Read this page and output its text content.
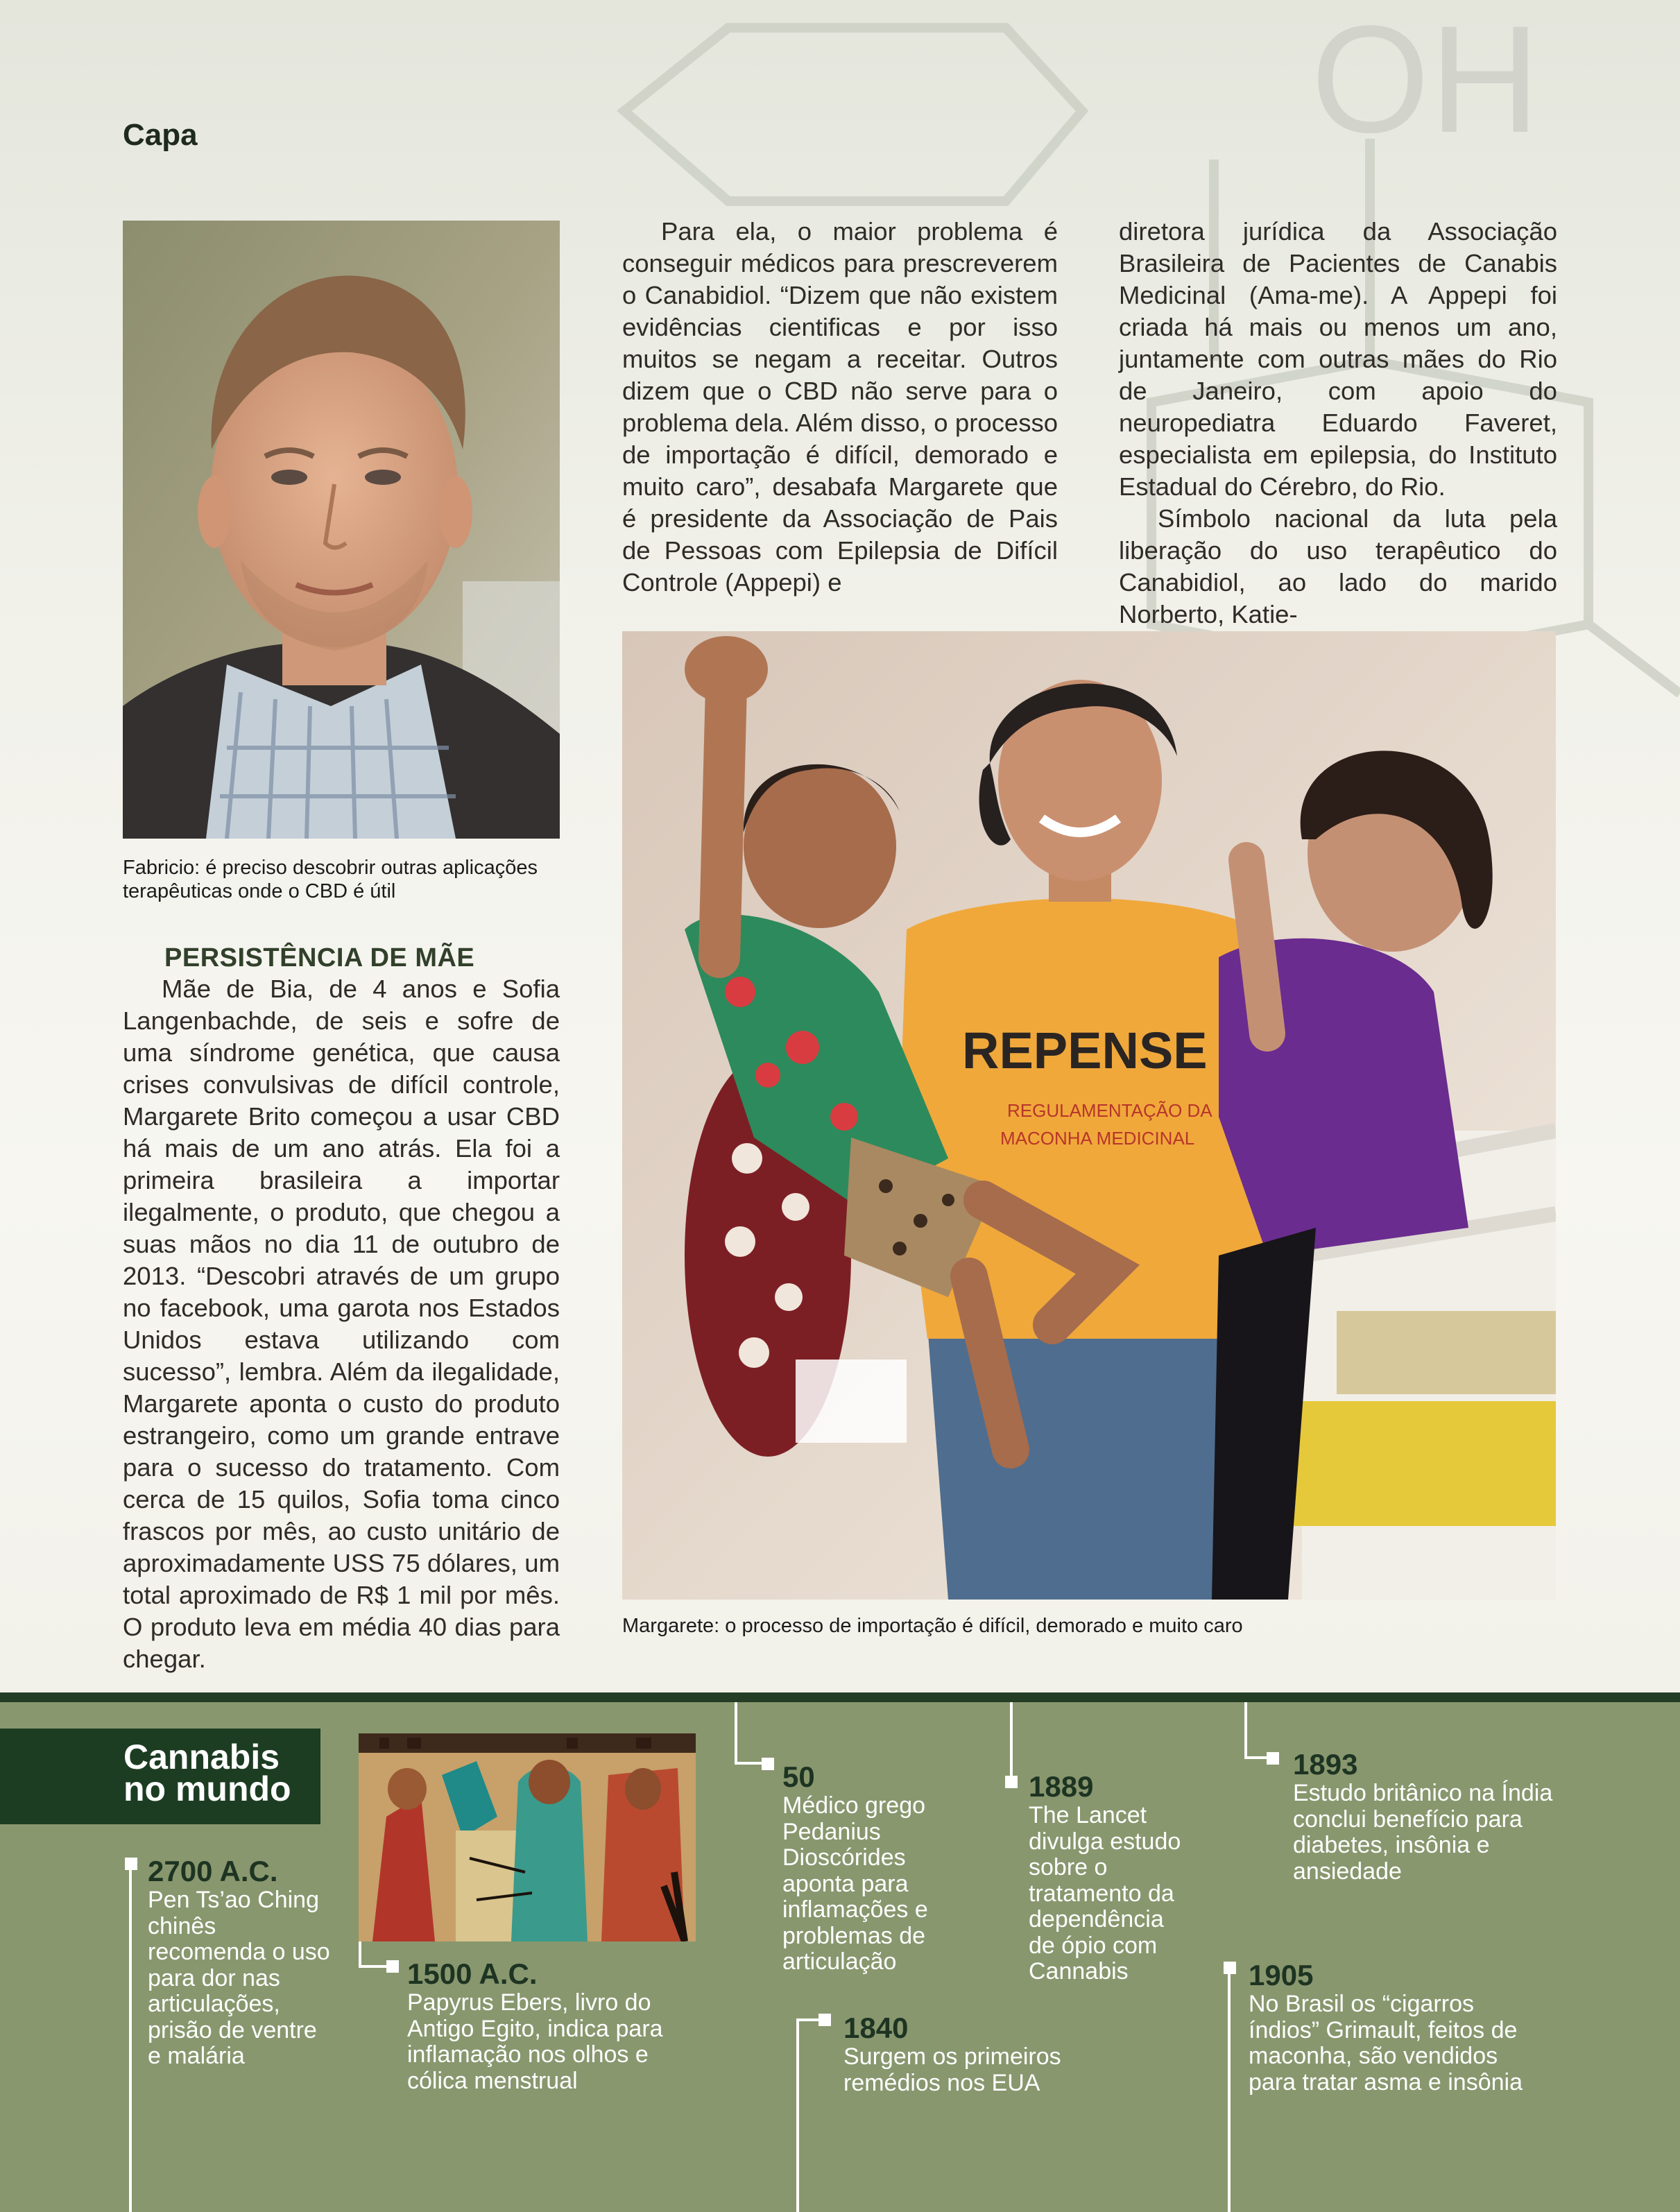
OH
Capa

Fabricio: é preciso descobrir outras aplicações terapêuticas onde o CBD é útil

REPENSE
REGULAMENTAÇÃO DA
MACONHA MEDICINAL

Margarete: o processo de importação é difícil, demorado e muito caro

PERSISTÊNCIA DE MÃE

Mãe de Bia, de 4 anos e Sofia Langenbachde, de seis e sofre de uma síndrome genética, que causa crises convulsivas de difícil controle, Margarete Brito começou a usar CBD há mais de um ano atrás. Ela foi a primeira brasileira a importar ilegalmente, o produto, que chegou a suas mãos no dia 11 de outubro de 2013. “Descobri através de um grupo no facebook, uma garota nos Estados Unidos estava utilizando com sucesso”, lembra. Além da ilegalidade, Margarete aponta o custo do produto estrangeiro, como um grande entrave para o sucesso do tratamento. Com cerca de 15 quilos, Sofia toma cinco frascos por mês, ao custo unitário de aproximadamente USS 75 dólares, um total aproximado de R$ 1 mil por mês. O produto leva em média 40 dias para chegar.

Para ela, o maior problema é conseguir médicos para prescreverem o Canabidiol. “Dizem que não existem evidências cientificas e por isso muitos se negam a receitar. Outros dizem que o CBD não serve para o problema dela. Além disso, o processo de importação é difícil, demorado e muito caro”, desabafa Margarete que é presidente da Associação de Pais de Pessoas com Epilepsia de Difícil Controle (Appepi) e

diretora jurídica da Associação Brasileira de Pacientes de Canabis Medicinal (Ama-me). A Appepi foi criada há mais ou menos um ano, juntamente com outras mães do Rio de Janeiro, com apoio do neuropediatra Eduardo Faveret, especialista em epilepsia, do Instituto Estadual do Cérebro, do Rio.

Símbolo nacional da luta pela liberação do uso terapêutico do Canabidiol, ao lado do marido Norberto, Katie-

Cannabis
no mundo

2700 A.C.

Pen Ts’ao Ching chinês recomenda o uso para dor nas articulações, prisão de ventre e malária

1500 A.C.

Papyrus Ebers, livro do Antigo Egito, indica para inflamação nos olhos e cólica menstrual

50

Médico grego Pedanius Dioscórides aponta para inflamações e problemas de articulação

1840

Surgem os primeiros remédios nos EUA

1889

The Lancet divulga estudo sobre o tratamento da dependência de ópio com Cannabis

1893

Estudo britânico na Índia conclui benefício para diabetes, insônia e ansiedade

1905

No Brasil os “cigarros índios” Grimault, feitos de maconha, são vendidos para tratar asma e insônia
